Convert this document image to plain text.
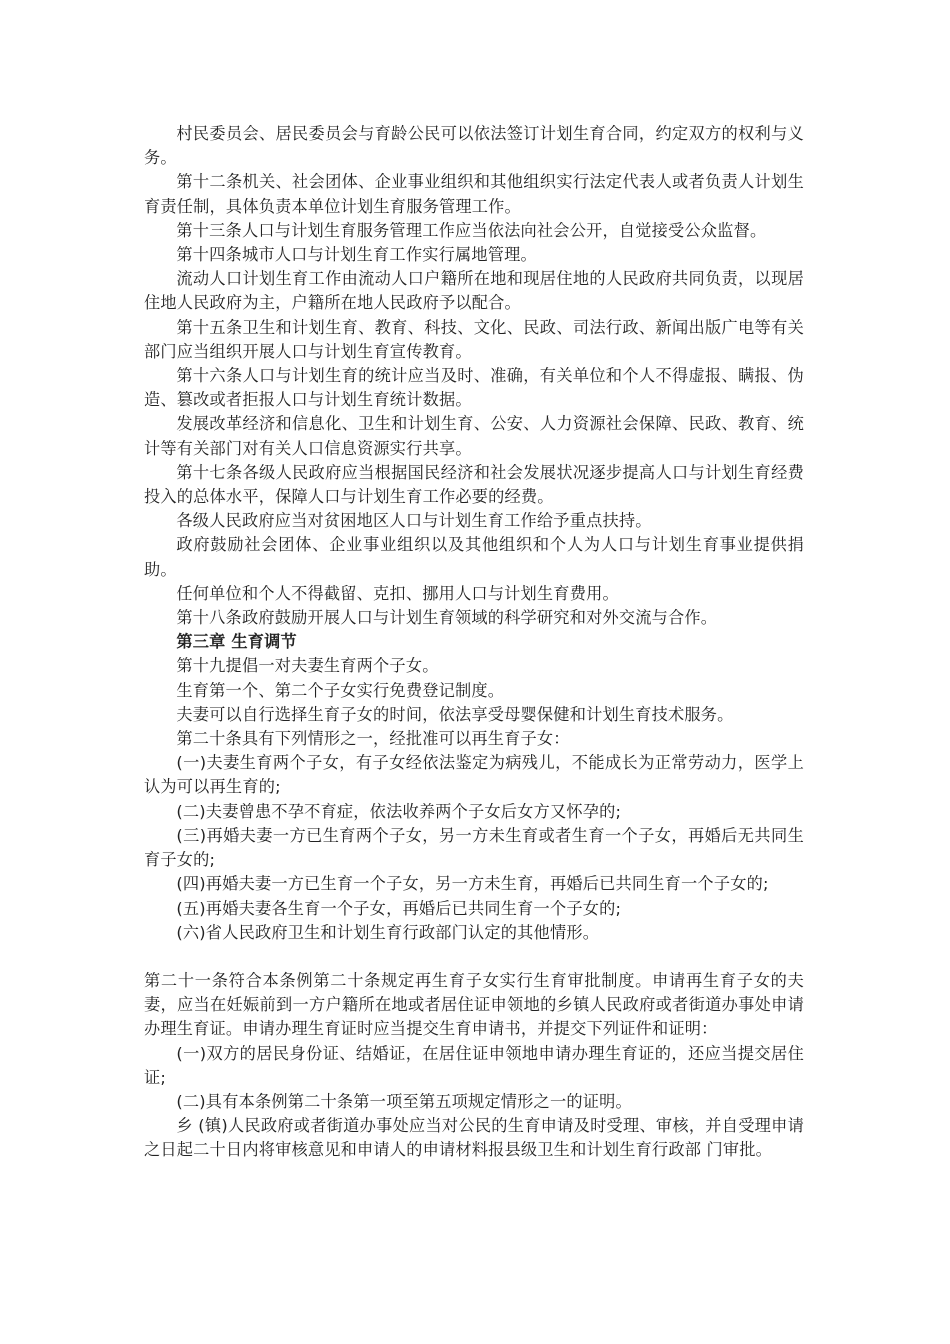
村民委员会、居民委员会与育龄公民可以依法签订计划生育合同，约定双方的权利与义务。

第十二条机关、社会团体、企业事业组织和其他组织实行法定代表人或者负责人计划生育责任制，具体负责本单位计划生育服务管理工作。

第十三条人口与计划生育服务管理工作应当依法向社会公开，自觉接受公众监督。

第十四条城市人口与计划生育工作实行属地管理。

流动人口计划生育工作由流动人口户籍所在地和现居住地的人民政府共同负责，以现居住地人民政府为主，户籍所在地人民政府予以配合。

第十五条卫生和计划生育、教育、科技、文化、民政、司法行政、新闻出版广电等有关部门应当组织开展人口与计划生育宣传教育。

第十六条人口与计划生育的统计应当及时、准确，有关单位和个人不得虚报、瞒报、伪造、篡改或者拒报人口与计划生育统计数据。

发展改革经济和信息化、卫生和计划生育、公安、人力资源社会保障、民政、教育、统计等有关部门对有关人口信息资源实行共享。

第十七条各级人民政府应当根据国民经济和社会发展状况逐步提高人口与计划生育经费投入的总体水平，保障人口与计划生育工作必要的经费。

各级人民政府应当对贫困地区人口与计划生育工作给予重点扶持。

政府鼓励社会团体、企业事业组织以及其他组织和个人为人口与计划生育事业提供捐助。

任何单位和个人不得截留、克扣、挪用人口与计划生育费用。

第十八条政府鼓励开展人口与计划生育领域的科学研究和对外交流与合作。

第三章 生育调节

第十九提倡一对夫妻生育两个子女。

生育第一个、第二个子女实行免费登记制度。

夫妻可以自行选择生育子女的时间，依法享受母婴保健和计划生育技术服务。

第二十条具有下列情形之一，经批准可以再生育子女：

(一)夫妻生育两个子女，有子女经依法鉴定为病残儿，不能成长为正常劳动力，医学上认为可以再生育的;

(二)夫妻曾患不孕不育症，依法收养两个子女后女方又怀孕的;

(三)再婚夫妻一方已生育两个子女，另一方未生育或者生育一个子女，再婚后无共同生育子女的;

(四)再婚夫妻一方已生育一个子女，另一方未生育，再婚后已共同生育一个子女的;

(五)再婚夫妻各生育一个子女，再婚后已共同生育一个子女的;

(六)省人民政府卫生和计划生育行政部门认定的其他情形。

第二十一条符合本条例第二十条规定再生育子女实行生育审批制度。申请再生育子女的夫妻，应当在妊娠前到一方户籍所在地或者居住证申领地的乡镇人民政府或者街道办事处申请办理生育证。申请办理生育证时应当提交生育申请书，并提交下列证件和证明：

(一)双方的居民身份证、结婚证，在居住证申领地申请办理生育证的，还应当提交居住证;

(二)具有本条例第二十条第一项至第五项规定情形之一的证明。

乡 (镇)人民政府或者街道办事处应当对公民的生育申请及时受理、审核，并自受理申请之日起二十日内将审核意见和申请人的申请材料报县级卫生和计划生育行政部 门审批。
